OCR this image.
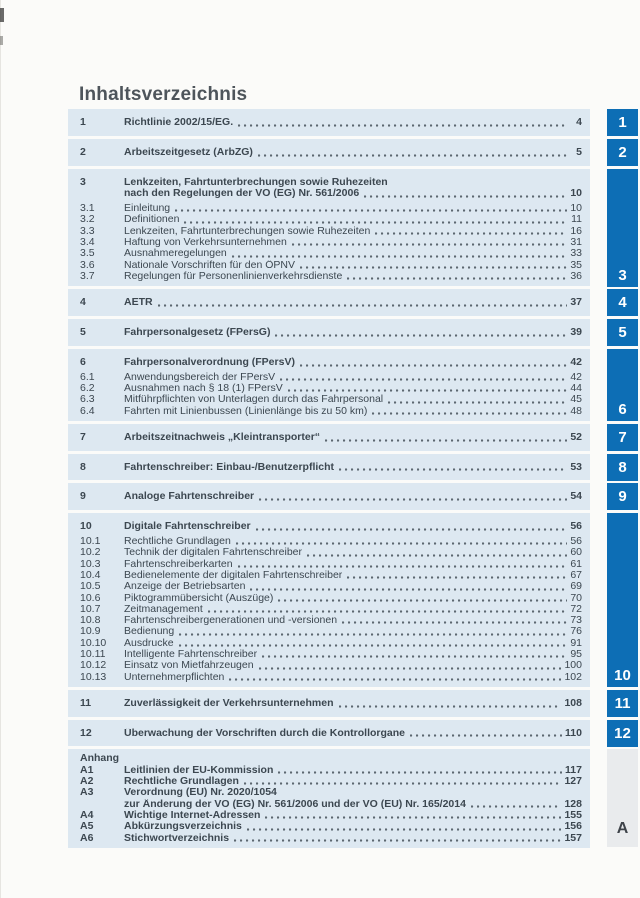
Inhaltsverzeichnis
1	Richtlinie 2002/15/EG.	4
2	Arbeitszeitgesetz (ArbZG)	5
3	Lenkzeiten, Fahrtunterbrechungen sowie Ruhezeiten
nach den Regelungen der VO (EG) Nr. 561/2006	10
3.1	Einleitung	10
3.2	Definitionen	11
3.3	Lenkzeiten, Fahrtunterbrechungen sowie Ruhezeiten	16
3.4	Haftung von Verkehrsunternehmen	31
3.5	Ausnahmeregelungen	33
3.6	Nationale Vorschriften für den ÖPNV	35
3.7	Regelungen für Personenlinienverkehrsdienste	36
4	AETR	37
5	Fahrpersonalgesetz (FPersG)	39
6	Fahrpersonalverordnung (FPersV)	42
6.1	Anwendungsbereich der FPersV	42
6.2	Ausnahmen nach § 18 (1) FPersV	44
6.3	Mitführpflichten von Unterlagen durch das Fahrpersonal	45
6.4	Fahrten mit Linienbussen (Linienlänge bis zu 50 km)	48
7	Arbeitszeitnachweis „Kleintransporter“	52
8	Fahrtenschreiber: Einbau-/Benutzerpflicht	53
9	Analoge Fahrtenschreiber	54
10	Digitale Fahrtenschreiber	56
10.1	Rechtliche Grundlagen	56
10.2	Technik der digitalen Fahrtenschreiber	60
10.3	Fahrtenschreiberkarten	61
10.4	Bedienelemente der digitalen Fahrtenschreiber	67
10.5	Anzeige der Betriebsarten	69
10.6	Piktogrammübersicht (Auszüge)	70
10.7	Zeitmanagement	72
10.8	Fahrtenschreibergenerationen und -versionen	73
10.9	Bedienung	76
10.10	Ausdrucke	91
10.11	Intelligente Fahrtenschreiber	95
10.12	Einsatz von Mietfahrzeugen	100
10.13	Unternehmerpflichten	102
11	Zuverlässigkeit der Verkehrsunternehmen	108
12	Überwachung der Vorschriften durch die Kontrollorgane	110
Anhang
A1	Leitlinien der EU-Kommission	117
A2	Rechtliche Grundlagen	127
A3	Verordnung (EU) Nr. 2020/1054
zur Änderung der VO (EG) Nr. 561/2006 und der VO (EU) Nr. 165/2014	128
A4	Wichtige Internet-Adressen	155
A5	Abkürzungsverzeichnis	156
A6	Stichwortverzeichnis	157
1
2
3
4
5
6
7
8
9
10
11
12
A
